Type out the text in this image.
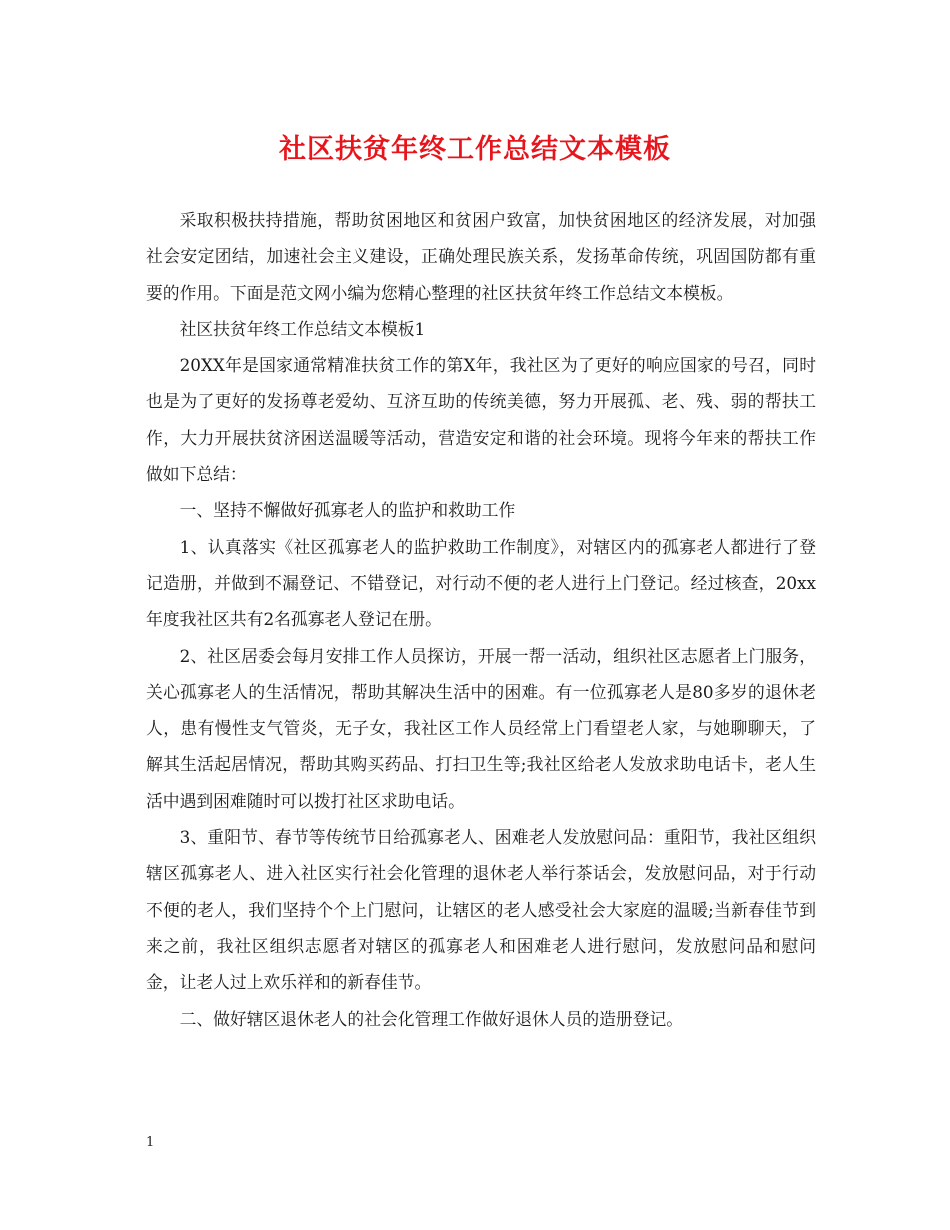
社区扶贫年终工作总结文本模板

采取积极扶持措施，帮助贫困地区和贫困户致富，加快贫困地区的经济发展，对加强社会安定团结，加速社会主义建设，正确处理民族关系，发扬革命传统，巩固国防都有重要的作用。下面是范文网小编为您精心整理的社区扶贫年终工作总结文本模板。

社区扶贫年终工作总结文本模板1

20XX年是国家通常精准扶贫工作的第X年，我社区为了更好的响应国家的号召，同时也是为了更好的发扬尊老爱幼、互济互助的传统美德，努力开展孤、老、残、弱的帮扶工作，大力开展扶贫济困送温暖等活动，营造安定和谐的社会环境。现将今年来的帮扶工作做如下总结：

一、坚持不懈做好孤寡老人的监护和救助工作

1、认真落实《社区孤寡老人的监护救助工作制度》，对辖区内的孤寡老人都进行了登记造册，并做到不漏登记、不错登记，对行动不便的老人进行上门登记。经过核查，20xx年度我社区共有2名孤寡老人登记在册。

2、社区居委会每月安排工作人员探访，开展一帮一活动，组织社区志愿者上门服务，关心孤寡老人的生活情况，帮助其解决生活中的困难。有一位孤寡老人是80多岁的退休老人，患有慢性支气管炎，无子女，我社区工作人员经常上门看望老人家，与她聊聊天，了解其生活起居情况，帮助其购买药品、打扫卫生等;我社区给老人发放求助电话卡，老人生活中遇到困难随时可以拨打社区求助电话。

3、重阳节、春节等传统节日给孤寡老人、困难老人发放慰问品：重阳节，我社区组织辖区孤寡老人、进入社区实行社会化管理的退休老人举行茶话会，发放慰问品，对于行动不便的老人，我们坚持个个上门慰问，让辖区的老人感受社会大家庭的温暖;当新春佳节到来之前，我社区组织志愿者对辖区的孤寡老人和困难老人进行慰问，发放慰问品和慰问金，让老人过上欢乐祥和的新春佳节。

二、做好辖区退休老人的社会化管理工作做好退休人员的造册登记。

1
